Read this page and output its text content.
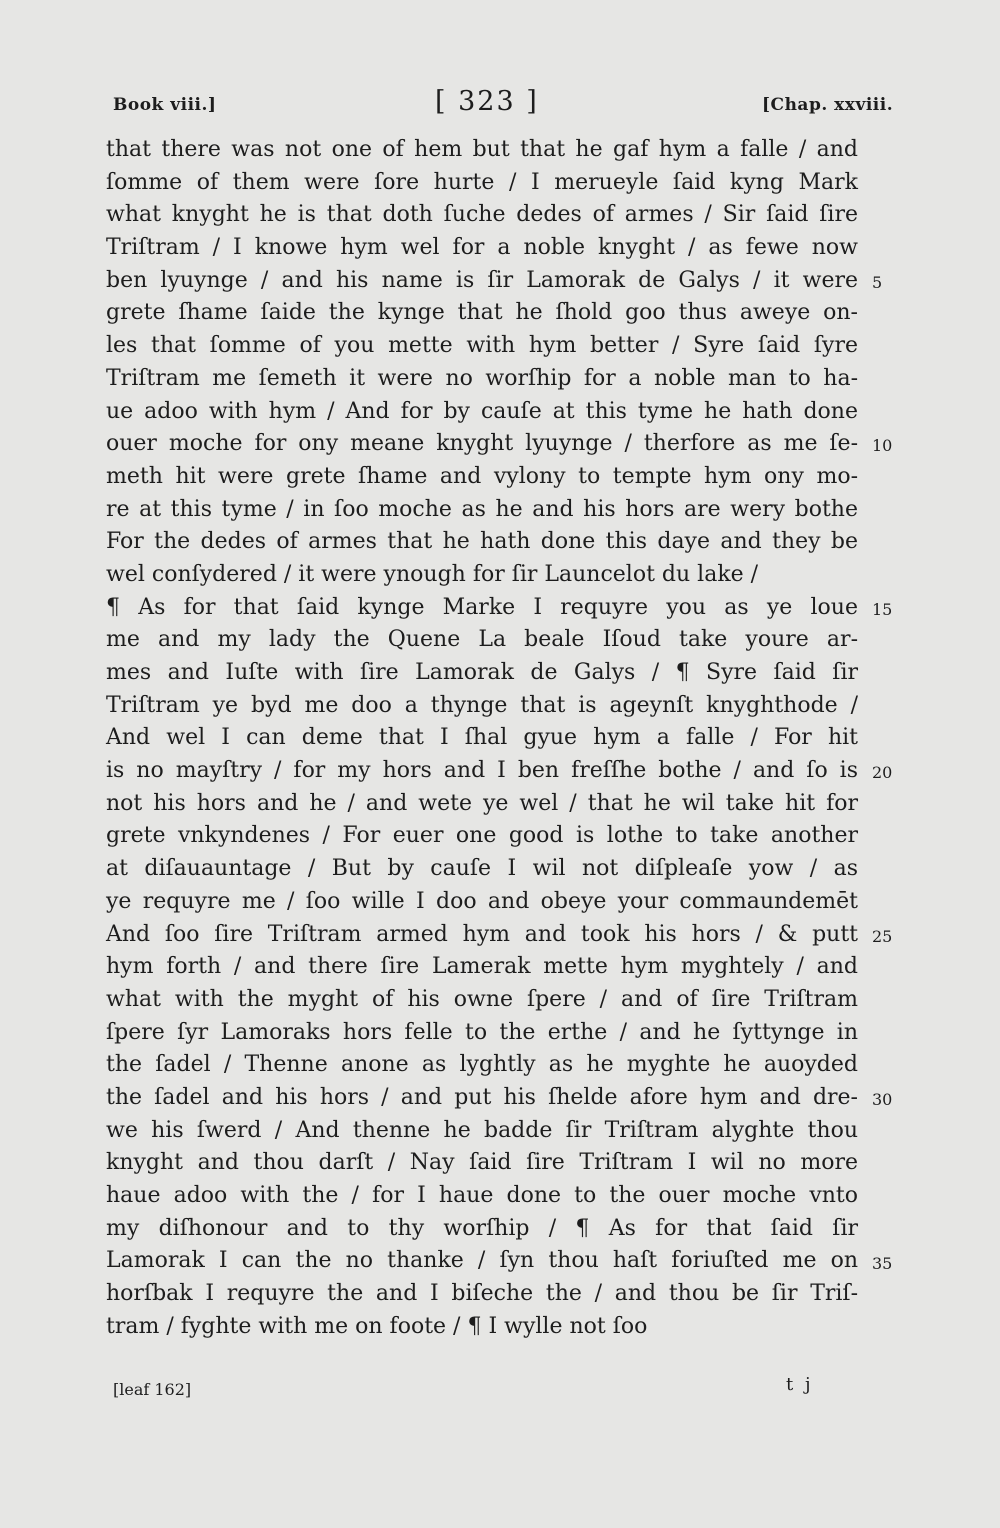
Book viii.]	[ 323 ]	[Chap. xxviii.
that there was not one of hem but that he gaf hym a falle / and
ſomme of them were ſore hurte / I merueyle ſaid kyng Mark
what knyght he is that doth ſuche dedes of armes / Sir ſaid ſire
Triſtram / I knowe hym wel for a noble knyght / as fewe now
ben lyuynge / and his name is ſir Lamorak de Galys / it were
grete ſhame ſaide the kynge that he ſhold goo thus aweye on-
les that ſomme of you mette with hym better / Syre ſaid ſyre
Triſtram me ſemeth it were no worſhip for a noble man to ha-
ue adoo with hym / And for by cauſe at this tyme he hath done
ouer moche for ony meane knyght lyuynge / therfore as me ſe-
meth hit were grete ſhame and vylony to tempte hym ony mo-
re at this tyme / in ſoo moche as he and his hors are wery bothe
For the dedes of armes that he hath done this daye and they be
wel conſydered / it were ynough for ſir Launcelot du lake /
¶ As for that ſaid kynge Marke I requyre you as ye loue
me and my lady the Quene La beale Iſoud take youre ar-
mes and Iuſte with ſire Lamorak de Galys / ¶ Syre ſaid ſir
Triſtram ye byd me doo a thynge that is ageynſt knyghthode /
And wel I can deme that I ſhal gyue hym a falle / For hit
is no mayſtry / for my hors and I ben freſſhe bothe / and ſo is
not his hors and he / and wete ye wel / that he wil take hit for
grete vnkyndenes / For euer one good is lothe to take another
at diſauauntage / But by cauſe I wil not diſpleaſe yow / as
ye requyre me / ſoo wille I doo and obeye your commaundemēt
And ſoo ſire Triſtram armed hym and took his hors / & putt
hym forth / and there ſire Lamerak mette hym myghtely / and
what with the myght of his owne ſpere / and of ſire Triſtram
ſpere ſyr Lamoraks hors felle to the erthe / and he ſyttynge in
the ſadel / Thenne anone as lyghtly as he myghte he auoyded
the ſadel and his hors / and put his ſhelde afore hym and dre-
we his ſwerd / And thenne he badde ſir Triſtram alyghte thou
knyght and thou darſt / Nay ſaid ſire Triſtram I wil no more
haue adoo with the / for I haue done to the ouer moche vnto
my diſhonour and to thy worſhip / ¶ As for that ſaid ſir
Lamorak I can the no thanke / ſyn thou haſt foriuſted me on
horſbak I requyre the and I biſeche the / and thou be ſir Triſ-
tram / fyghte with me on foote / ¶ I wylle not ſoo
5
10
15
20
25
30
35
[leaf 162]	t j
